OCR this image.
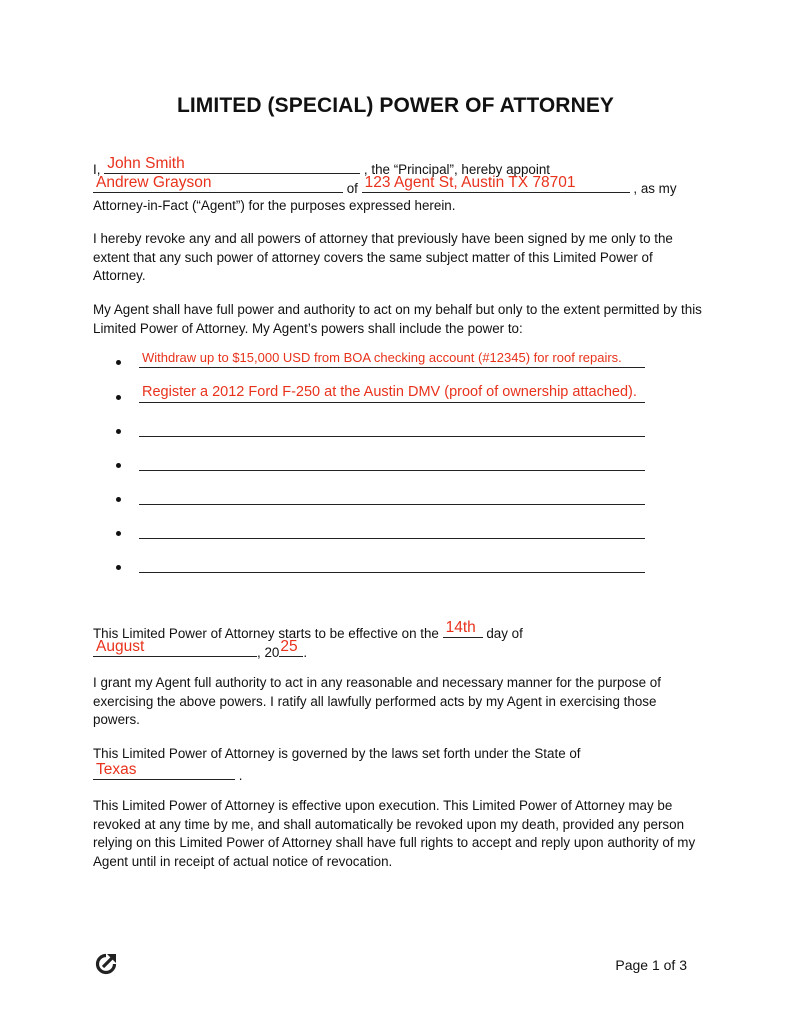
LIMITED (SPECIAL) POWER OF ATTORNEY
I, John Smith	, the “Principal”, hereby appoint
Andrew Grayson	of 123 Agent St, Austin TX 78701	, as my
Attorney-in-Fact (“Agent”) for the purposes expressed herein.
I hereby revoke any and all powers of attorney that previously have been signed by me only to the extent that any such power of attorney covers the same subject matter of this Limited Power of Attorney.
My Agent shall have full power and authority to act on my behalf but only to the extent permitted by this Limited Power of Attorney. My Agent’s powers shall include the power to:
Withdraw up to $15,000 USD from BOA checking account (#12345) for roof repairs.
Register a 2012 Ford F-250 at the Austin DMV (proof of ownership attached).
This Limited Power of Attorney starts to be effective on the 14th day of
August	, 20 25 .
I grant my Agent full authority to act in any reasonable and necessary manner for the purpose of exercising the above powers. I ratify all lawfully performed acts by my Agent in exercising those powers.
This Limited Power of Attorney is governed by the laws set forth under the State of
Texas	.
This Limited Power of Attorney is effective upon execution. This Limited Power of Attorney may be revoked at any time by me, and shall automatically be revoked upon my death, provided any person relying on this Limited Power of Attorney shall have full rights to accept and reply upon authority of my Agent until in receipt of actual notice of revocation.
Page 1 of 3
